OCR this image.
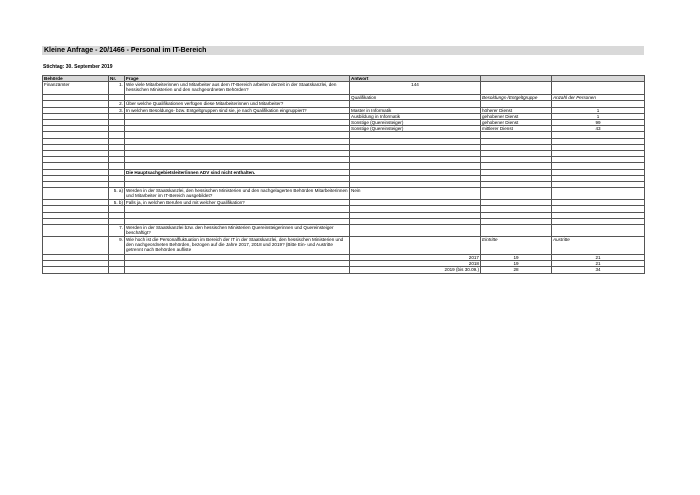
Kleine Anfrage - 20/1466 - Personal im IT-Bereich
Stichtag: 30. September 2019
Behörde	Nr.	Frage	Antwort		
Finanzämter	1.	Wie viele Mitarbeiterinnen und Mitarbeiter aus dem IT-Bereich arbeiten derzeit in der Staatskanzlei, den hessischen Ministerien und den nachgeordneten Behörden?	144		
			Qualifikation	Besoldungs-/Entgeltgruppe	Anzahl der Personen
	2.	Über welche Qualifikationen verfügen diese Mitarbeiterinnen und Mitarbeiter?			
	3.	In welchen Besoldungs- bzw. Entgeltgruppen sind sie, je nach Qualifikation eingruppiert?	Master in Informatik	höherer Dienst	1
			Ausbildung in Informatik	gehobener Dienst	1
			Sonstige (Quereinsteiger)	gehobener Dienst	99
			Sonstige (Quereinsteiger)	mittlerer Dienst	43

		Die Hauptsachgebietsleiter/innen ADV sind nicht enthalten.			

	5. a)	Werden in der Staatskanzlei, den hessischen Ministerien und den nachgelagerten Behörden Mitarbeiterinnen und Mitarbeiter im IT-Bereich ausgebildet?	Nein		
	5. b)	Falls ja, in welchen Berufen und mit welcher Qualifikation?			

	7.	Werden in der Staatskanzlei bzw. den hessischen Ministerien Quereinsteigerinnen und Quereinsteiger beschäftigt?			
	9.	Wie hoch ist die Personalfluktuation im Bereich der IT in der Staatskanzlei, den hessischen Ministerien und den nachgeordneten Behörden, bezogen auf die Jahre 2017, 2018 und 2019? (Bitte Ein- und Austritte getrennt nach Behörden aufliste		Eintritte	Austritte
			2017	19	21
			2018	19	21
			2019 (bis 30.09.)	28	34
